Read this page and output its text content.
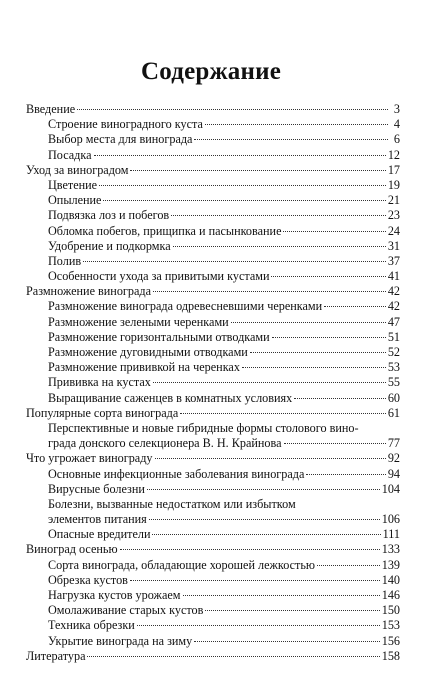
Содержание
Введение	3
Строение виноградного куста	4
Выбор места для винограда	6
Посадка	12
Уход за виноградом	17
Цветение	19
Опыление	21
Подвязка лоз и побегов	23
Обломка побегов, прищипка и пасынкование	24
Удобрение и подкормка	31
Полив	37
Особенности ухода за привитыми кустами	41
Размножение винограда	42
Размножение винограда одревесневшими черенками	42
Размножение зелеными черенками	47
Размножение горизонтальными отводками	51
Размножение дуговидными отводками	52
Размножение прививкой на черенках	53
Прививка на кустах	55
Выращивание саженцев в комнатных условиях	60
Популярные сорта винограда	61
Перспективные и новые гибридные формы столового вино-
града донского селекционера В. Н. Крайнова	77
Что угрожает винограду	92
Основные инфекционные заболевания винограда	94
Вирусные болезни	104
Болезни, вызванные недостатком или избытком
элементов питания	106
Опасные вредители	111
Виноград осенью	133
Сорта винограда, обладающие хорошей лежкостью	139
Обрезка кустов	140
Нагрузка кустов урожаем	146
Омолаживание старых кустов	150
Техника обрезки	153
Укрытие винограда на зиму	156
Литература	158
